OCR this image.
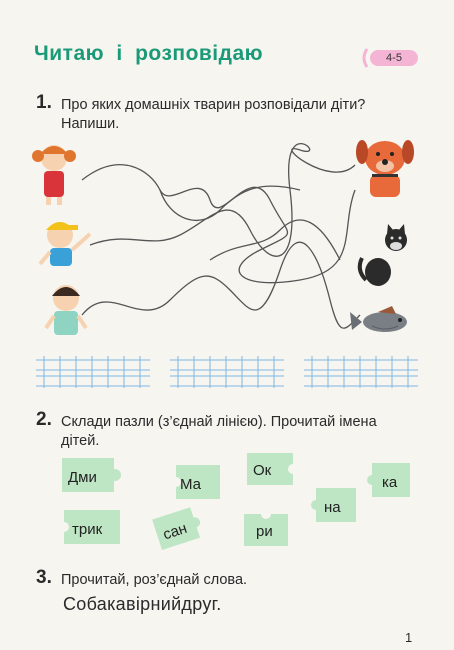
Читаю і розповідаю	4-5
1. Про яких домашніх тварин розповідали діти?
Напиши.
2. Склади пазли (з’єднай лінією). Прочитай імена
дітей.
Дми	Ма
Ок
на
ка
трик	сан	ри
3. Прочитай, роз’єднай слова.
Собакавірнийдруг.
1
